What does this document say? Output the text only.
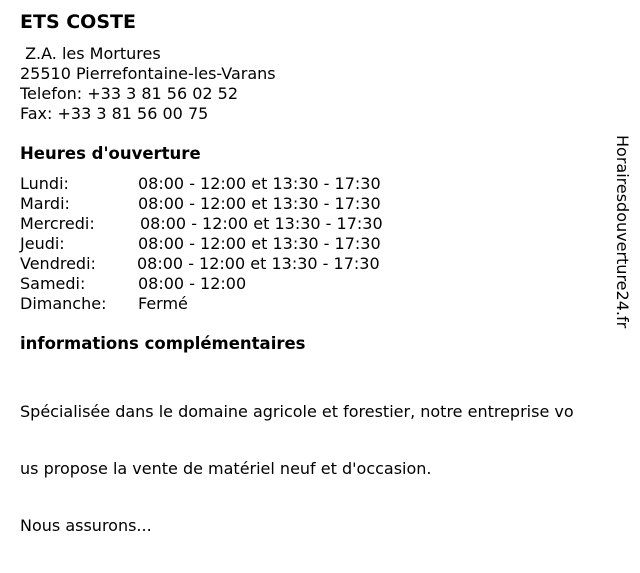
ETS COSTE
Z.A. les Mortures
25510 Pierrefontaine-les-Varans
Telefon: +33 3 81 56 02 52
Fax: +33 3 81 56 00 75
Heures d'ouverture
Lundi:	08:00 - 12:00 et 13:30 - 17:30
Mardi:	08:00 - 12:00 et 13:30 - 17:30
Mercredi:	08:00 - 12:00 et 13:30 - 17:30
Jeudi:	08:00 - 12:00 et 13:30 - 17:30
Vendredi:	08:00 - 12:00 et 13:30 - 17:30
Samedi:	08:00 - 12:00
Dimanche:	Fermé
informations complémentaires

Spécialisée dans le domaine agricole et forestier, notre entreprise vo

us propose la vente de matériel neuf et d'occasion.

Nous assurons...

Horairesdouverture24.fr
